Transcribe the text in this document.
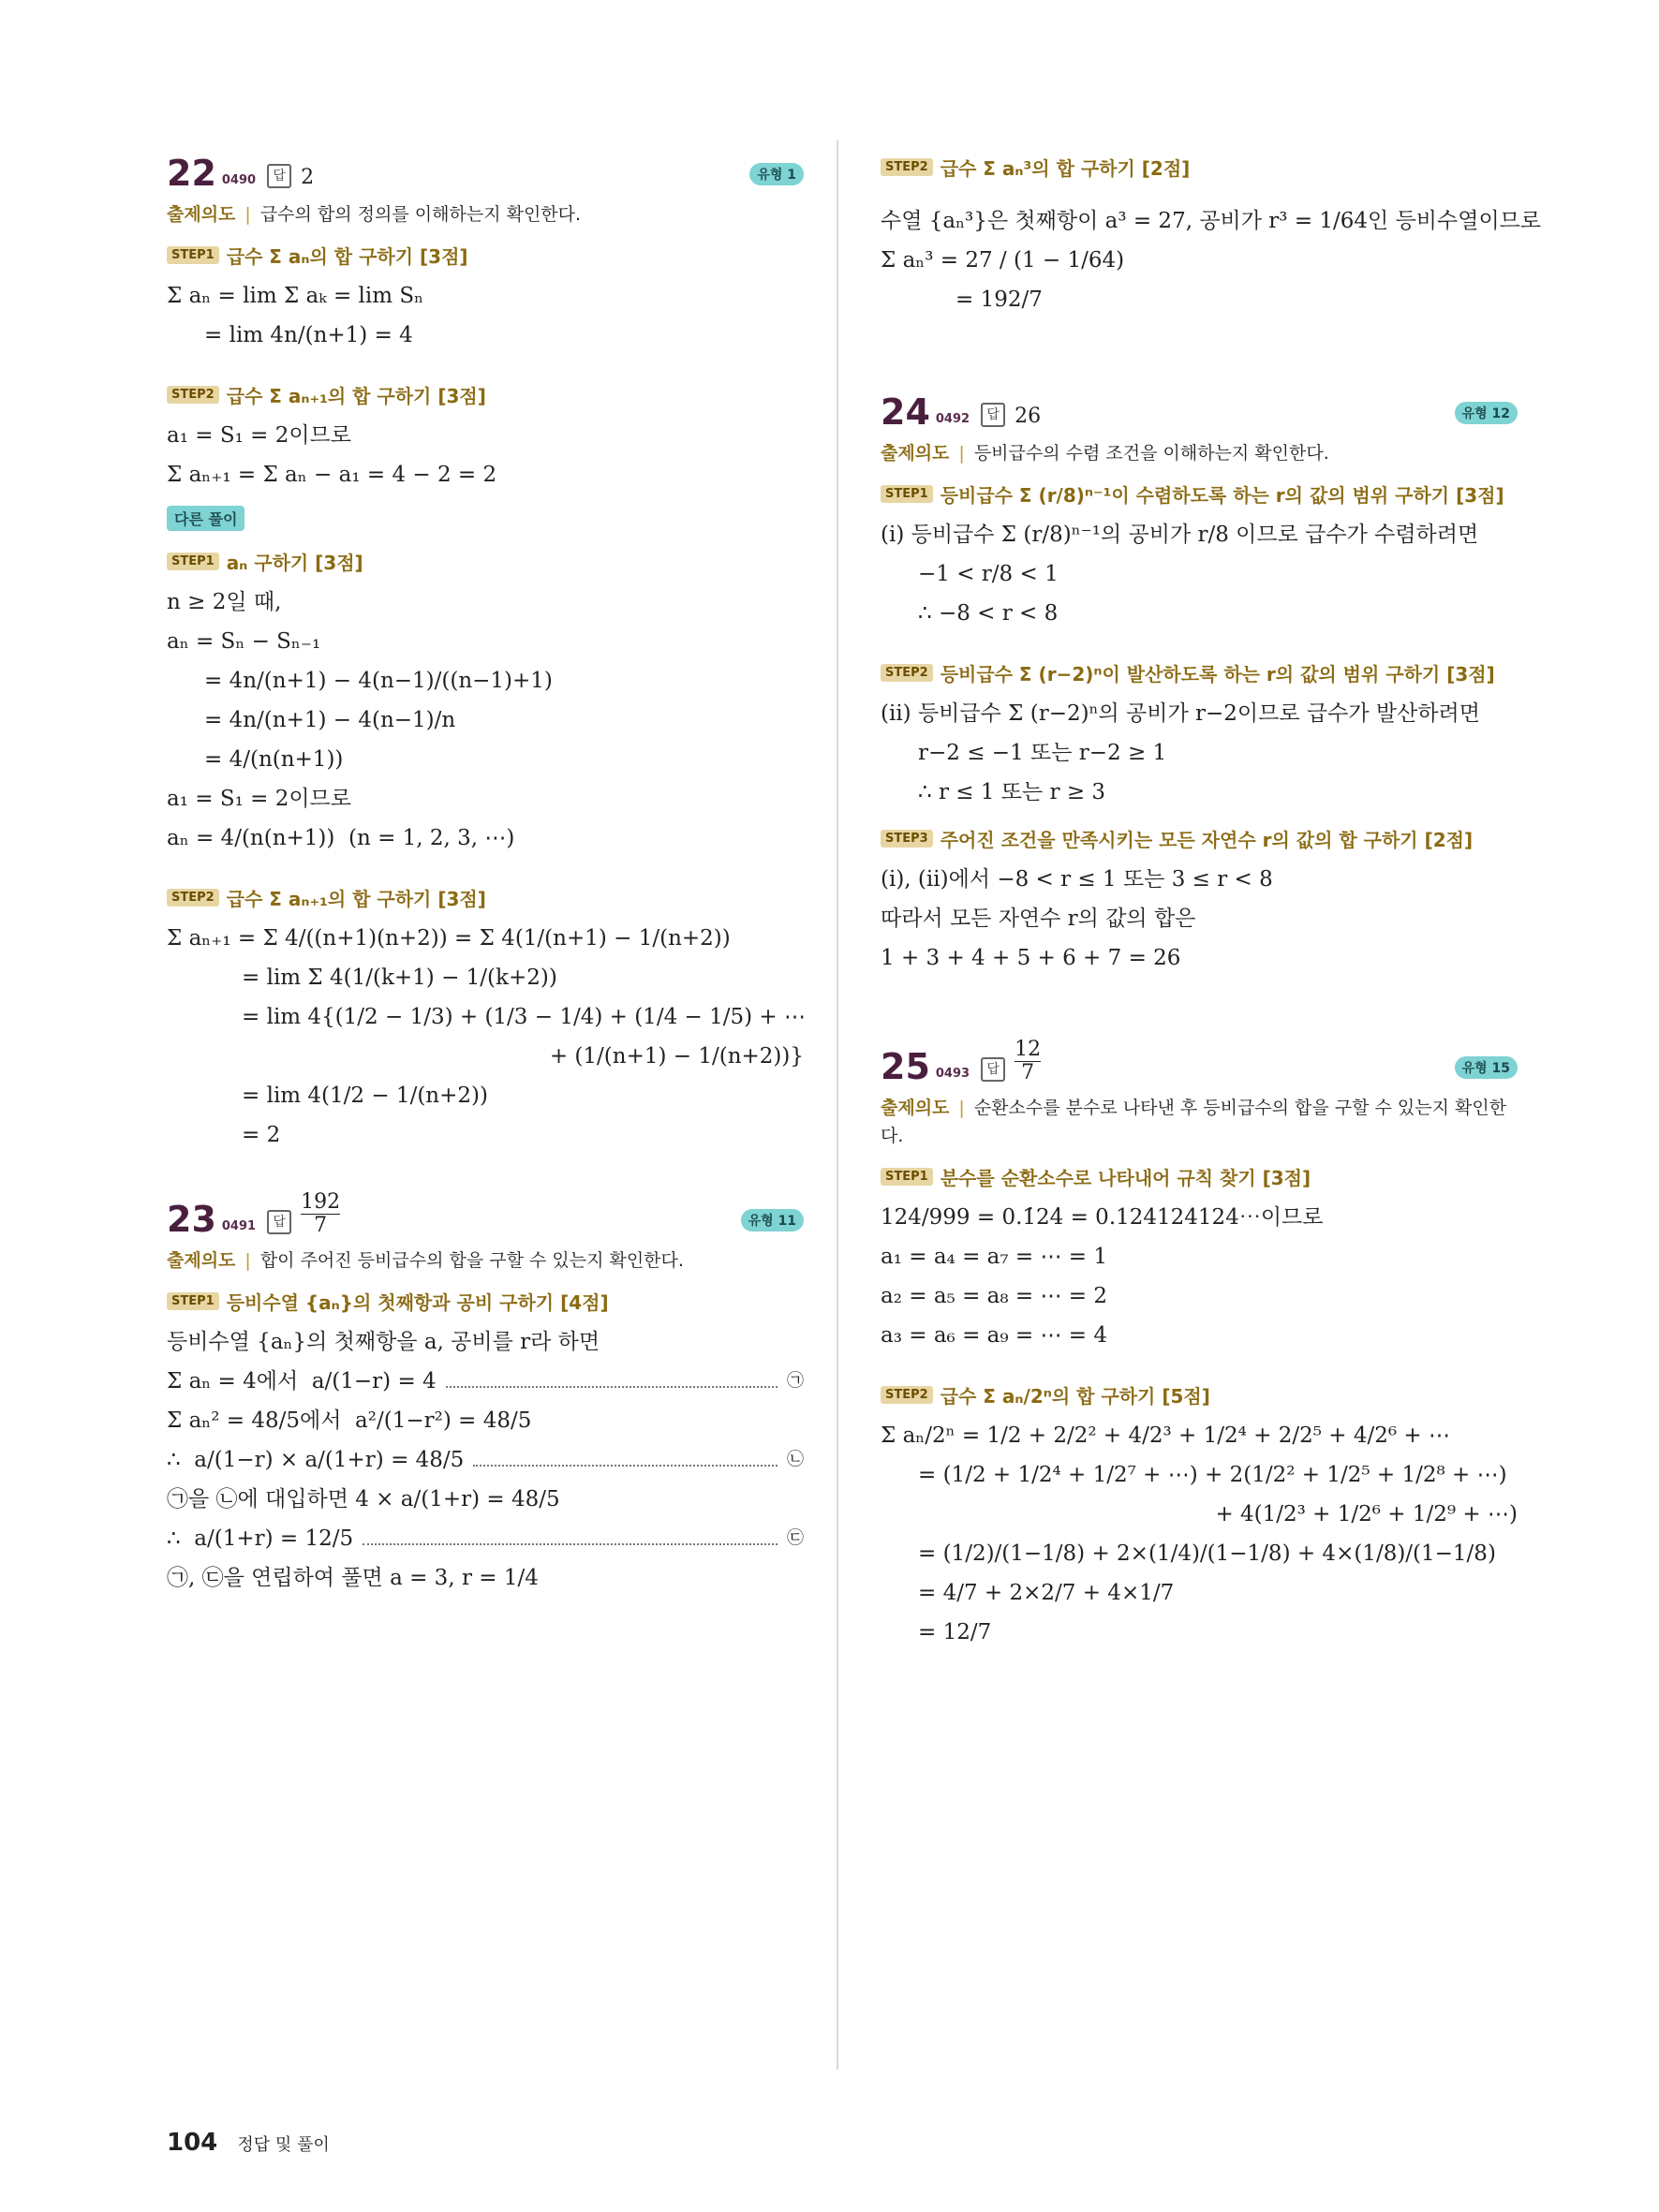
22 0490	답 2	유형 1
출제의도 | 급수의 합의 정의를 이해하는지 확인한다.
STEP1 급수 Σ aₙ의 합 구하기 [3점]
Σ aₙ = lim Σ aₖ = lim Sₙ
= lim 4n/(n+1) = 4
STEP2 급수 Σ aₙ₊₁의 합 구하기 [3점]
a₁ = S₁ = 2이므로
Σ aₙ₊₁ = Σ aₙ − a₁ = 4 − 2 = 2
다른 풀이
STEP1 aₙ 구하기 [3점]
n ≥ 2일 때,
aₙ = Sₙ − Sₙ₋₁
= 4n/(n+1) − 4(n−1)/((n−1)+1)
= 4n/(n+1) − 4(n−1)/n
= 4/(n(n+1))
a₁ = S₁ = 2이므로
aₙ = 4/(n(n+1))  (n = 1, 2, 3, ⋯)
STEP2 급수 Σ aₙ₊₁의 합 구하기 [3점]
Σ aₙ₊₁ = Σ 4/((n+1)(n+2)) = Σ 4(1/(n+1) − 1/(n+2))
= lim Σ 4(1/(k+1) − 1/(k+2))
= lim 4{(1/2 − 1/3) + (1/3 − 1/4) + (1/4 − 1/5) + ⋯
+ (1/(n+1) − 1/(n+2))}
= lim 4(1/2 − 1/(n+2))
= 2
23 0491	답 $\frac{192}{7}$	유형 11
출제의도 | 합이 주어진 등비급수의 합을 구할 수 있는지 확인한다.
STEP1 등비수열 {aₙ}의 첫째항과 공비 구하기 [4점]
등비수열 {aₙ}의 첫째항을 a, 공비를 r라 하면
Σ aₙ = 4에서  a/(1−r) = 4	㉠
Σ aₙ² = 48/5에서  a²/(1−r²) = 48/5
∴  a/(1−r) × a/(1+r) = 48/5	㉡
㉠을 ㉡에 대입하면 4 × a/(1+r) = 48/5
∴  a/(1+r) = 12/5	㉢
㉠, ㉢을 연립하여 풀면 a = 3, r = 1/4
STEP2 급수 Σ aₙ³의 합 구하기 [2점]
수열 {aₙ³}은 첫째항이 a³ = 27, 공비가 r³ = 1/64인 등비수열이므로
Σ aₙ³ = 27 / (1 − 1/64)
= 192/7
24 0492	답 26	유형 12
출제의도 | 등비급수의 수렴 조건을 이해하는지 확인한다.
STEP1 등비급수 Σ (r/8)ⁿ⁻¹이 수렴하도록 하는 r의 값의 범위 구하기 [3점]
(ⅰ) 등비급수 Σ (r/8)ⁿ⁻¹의 공비가 r/8 이므로 급수가 수렴하려면
−1 < r/8 < 1
∴ −8 < r < 8
STEP2 등비급수 Σ (r−2)ⁿ이 발산하도록 하는 r의 값의 범위 구하기 [3점]
(ⅱ) 등비급수 Σ (r−2)ⁿ의 공비가 r−2이므로 급수가 발산하려면
r−2 ≤ −1 또는 r−2 ≥ 1
∴ r ≤ 1 또는 r ≥ 3
STEP3 주어진 조건을 만족시키는 모든 자연수 r의 값의 합 구하기 [2점]
(ⅰ), (ⅱ)에서 −8 < r ≤ 1 또는 3 ≤ r < 8
따라서 모든 자연수 r의 값의 합은
1 + 3 + 4 + 5 + 6 + 7 = 26
25 0493	답 $\frac{12}{7}$	유형 15
출제의도 | 순환소수를 분수로 나타낸 후 등비급수의 합을 구할 수 있는지 확인한다.
STEP1 분수를 순환소수로 나타내어 규칙 찾기 [3점]
124/999 = 0.1̇24̇ = 0.124124124⋯이므로
a₁ = a₄ = a₇ = ⋯ = 1
a₂ = a₅ = a₈ = ⋯ = 2
a₃ = a₆ = a₉ = ⋯ = 4
STEP2 급수 Σ aₙ/2ⁿ의 합 구하기 [5점]
Σ aₙ/2ⁿ = 1/2 + 2/2² + 4/2³ + 1/2⁴ + 2/2⁵ + 4/2⁶ + ⋯
= (1/2 + 1/2⁴ + 1/2⁷ + ⋯) + 2(1/2² + 1/2⁵ + 1/2⁸ + ⋯)
+ 4(1/2³ + 1/2⁶ + 1/2⁹ + ⋯)
= (1/2)/(1−1/8) + 2×(1/4)/(1−1/8) + 4×(1/8)/(1−1/8)
= 4/7 + 2×2/7 + 4×1/7
= 12/7
104 정답 및 풀이
